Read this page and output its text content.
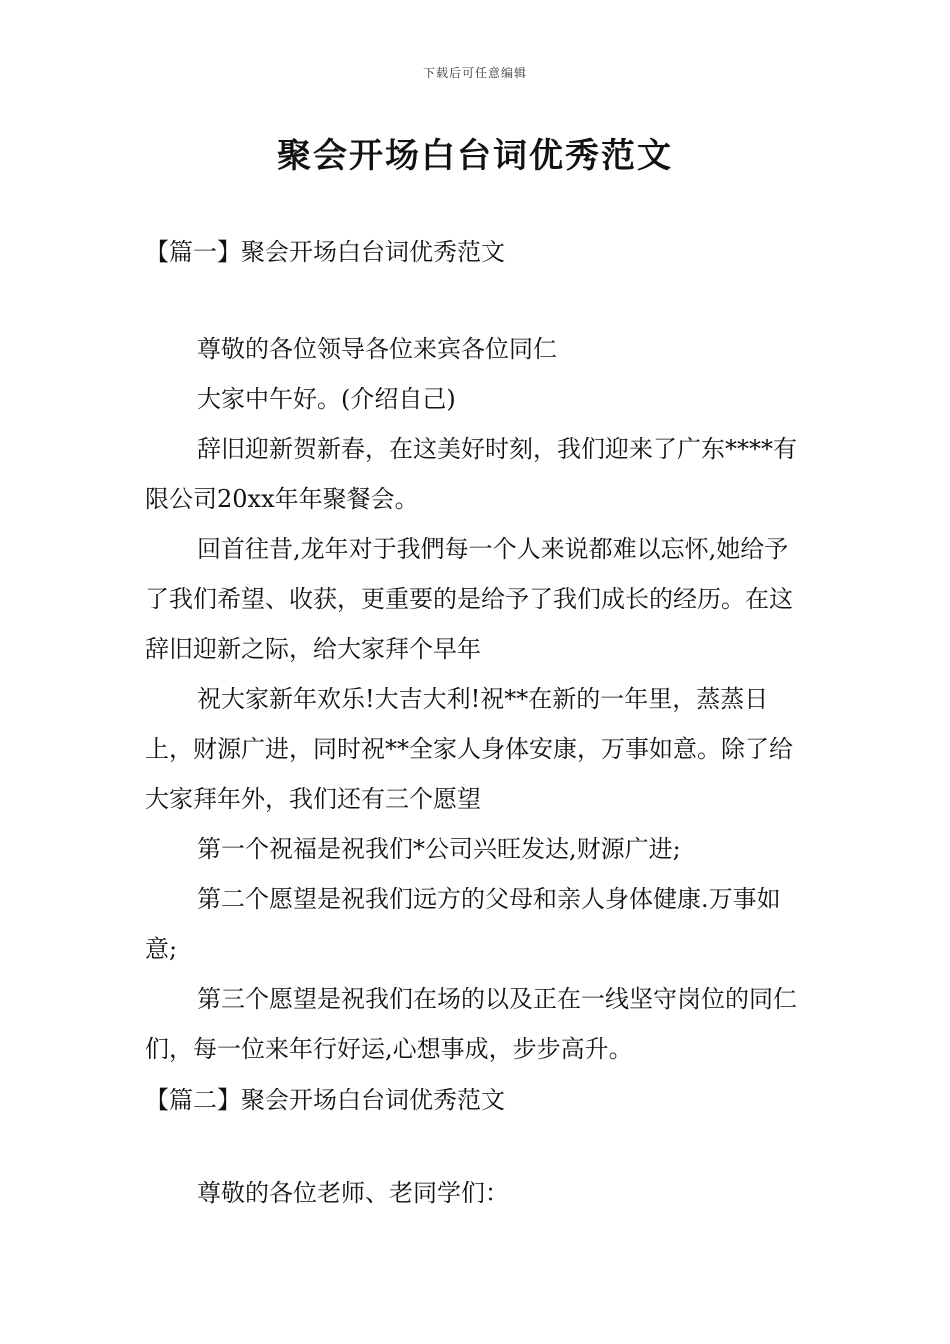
下载后可任意编辑
聚会开场白台词优秀范文
【篇一】聚会开场白台词优秀范文

尊敬的各位领导各位来宾各位同仁

大家中午好。(介绍自己)

辞旧迎新贺新春，在这美好时刻，我们迎来了广东****有限公司20xx年年聚餐会。

回首往昔,龙年对于我們每一个人来说都难以忘怀,她给予了我们希望、收获，更重要的是给予了我们成长的经历。在这辞旧迎新之际，给大家拜个早年

祝大家新年欢乐!大吉大利!祝**在新的一年里，蒸蒸日上，财源广进，同时祝**全家人身体安康，万事如意。除了给大家拜年外，我们还有三个愿望

第一个祝福是祝我们*公司兴旺发达,财源广进;

第二个愿望是祝我们远方的父母和亲人身体健康.万事如意;

第三个愿望是祝我们在场的以及正在一线坚守岗位的同仁们，每一位来年行好运,心想事成，步步高升。

【篇二】聚会开场白台词优秀范文

尊敬的各位老师、老同学们：
